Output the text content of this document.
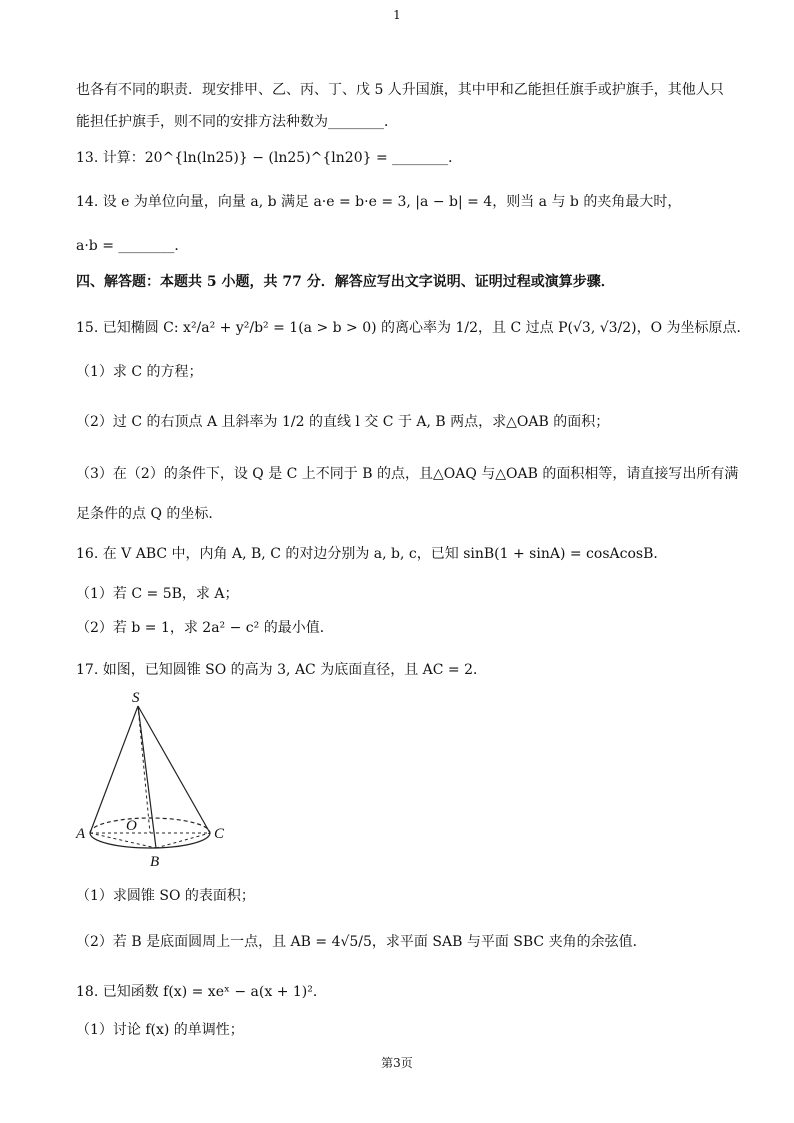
1
也各有不同的职责．现安排甲、乙、丙、丁、戊 5 人升国旗，其中甲和乙能担任旗手或护旗手，其他人只
能担任护旗手，则不同的安排方法种数为________．
13. 计算：20^{ln(ln25)} − (ln25)^{ln20} = ________．
14. 设 e 为单位向量，向量 a, b 满足 a·e = b·e = 3, |a − b| = 4，则当 a 与 b 的夹角最大时，
a·b = ________．
四、解答题：本题共 5 小题，共 77 分．解答应写出文字说明、证明过程或演算步骤．
15. 已知椭圆 C: x²/a² + y²/b² = 1(a > b > 0) 的离心率为 1/2，且 C 过点 P(√3, √3/2)，O 为坐标原点．
（1）求 C 的方程；
（2）过 C 的右顶点 A 且斜率为 1/2 的直线 l 交 C 于 A, B 两点，求△OAB 的面积；
（3）在（2）的条件下，设 Q 是 C 上不同于 B 的点，且△OAQ 与△OAB 的面积相等，请直接写出所有满
足条件的点 Q 的坐标．
16. 在 V ABC 中，内角 A, B, C 的对边分别为 a, b, c，已知 sinB(1 + sinA) = cosAcosB．
（1）若 C = 5B，求 A；
（2）若 b = 1，求 2a² − c² 的最小值．
17. 如图，已知圆锥 SO 的高为 3, AC 为底面直径，且 AC = 2．
S
O
A	C
B
（1）求圆锥 SO 的表面积；
（2）若 B 是底面圆周上一点，且 AB = 4√5/5，求平面 SAB 与平面 SBC 夹角的余弦值．
18. 已知函数 f(x) = xeˣ − a(x + 1)²．
（1）讨论 f(x) 的单调性；
第3页
